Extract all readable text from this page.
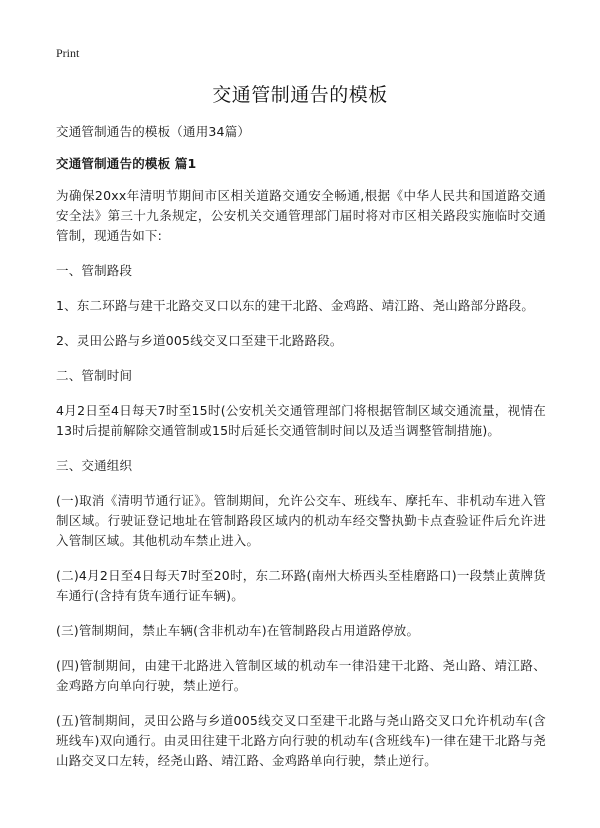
Print
交通管制通告的模板

交通管制通告的模板（通用34篇）

交通管制通告的模板 篇1

为确保20xx年清明节期间市区相关道路交通安全畅通,根据《中华人民共和国道路交通安全法》第三十九条规定，公安机关交通管理部门届时将对市区相关路段实施临时交通管制，现通告如下:

一、管制路段

1、东二环路与建干北路交叉口以东的建干北路、金鸡路、靖江路、尧山路部分路段。

2、灵田公路与乡道005线交叉口至建干北路路段。

二、管制时间

4月2日至4日每天7时至15时(公安机关交通管理部门将根据管制区域交通流量，视情在13时后提前解除交通管制或15时后延长交通管制时间以及适当调整管制措施)。

三、交通组织

(一)取消《清明节通行证》。管制期间，允许公交车、班线车、摩托车、非机动车进入管制区域。行驶证登记地址在管制路段区域内的机动车经交警执勤卡点查验证件后允许进入管制区域。其他机动车禁止进入。

(二)4月2日至4日每天7时至20时，东二环路(南州大桥西头至桂磨路口)一段禁止黄牌货车通行(含持有货车通行证车辆)。

(三)管制期间，禁止车辆(含非机动车)在管制路段占用道路停放。

(四)管制期间，由建干北路进入管制区域的机动车一律沿建干北路、尧山路、靖江路、金鸡路方向单向行驶，禁止逆行。

(五)管制期间，灵田公路与乡道005线交叉口至建干北路与尧山路交叉口允许机动车(含班线车)双向通行。由灵田往建干北路方向行驶的机动车(含班线车)一律在建干北路与尧山路交叉口左转，经尧山路、靖江路、金鸡路单向行驶，禁止逆行。
